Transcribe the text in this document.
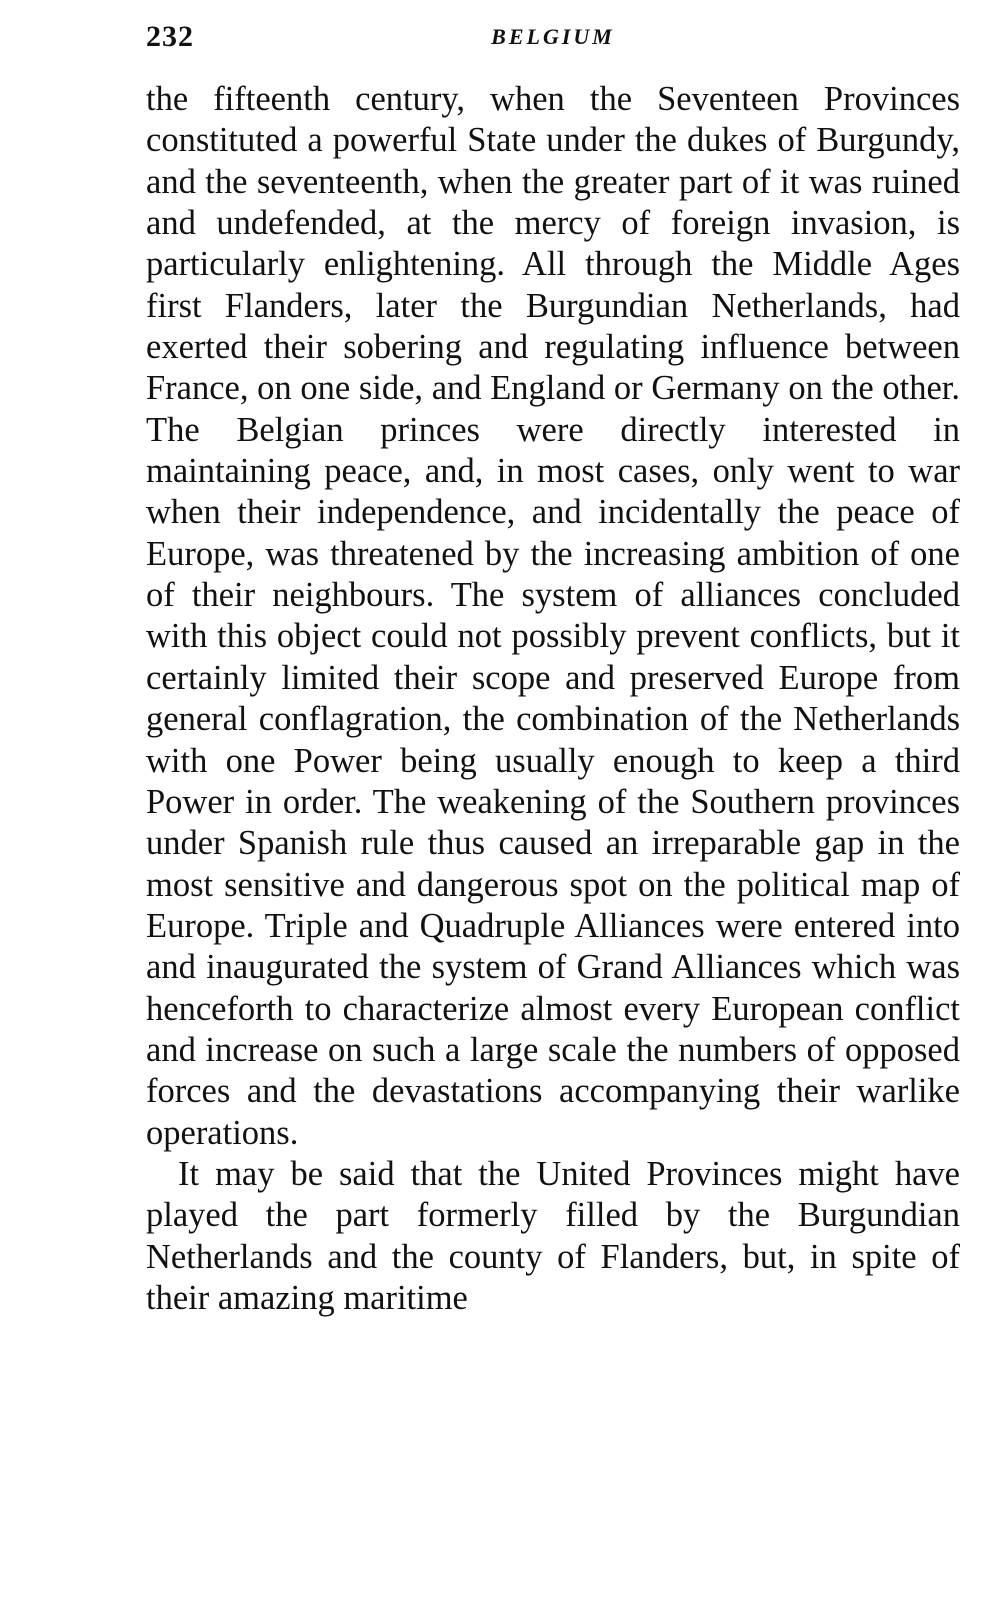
232	BELGIUM

the fifteenth century, when the Seventeen Provinces constituted a powerful State under the dukes of Burgundy, and the seventeenth, when the greater part of it was ruined and undefended, at the mercy of foreign invasion, is particularly enlightening. All through the Middle Ages first Flanders, later the Burgundian Netherlands, had exerted their sobering and regulating influence between France, on one side, and England or Germany on the other. The Belgian princes were directly interested in maintaining peace, and, in most cases, only went to war when their independence, and incidentally the peace of Europe, was threatened by the increasing ambition of one of their neighbours. The system of alliances concluded with this object could not possibly prevent conflicts, but it certainly limited their scope and preserved Europe from general conflagration, the combination of the Netherlands with one Power being usually enough to keep a third Power in order. The weakening of the Southern provinces under Spanish rule thus caused an irreparable gap in the most sensitive and dangerous spot on the political map of Europe. Triple and Quadruple Alliances were entered into and inaugurated the system of Grand Alliances which was henceforth to characterize almost every European conflict and increase on such a large scale the numbers of opposed forces and the devastations accompanying their warlike operations.

It may be said that the United Provinces might have played the part formerly filled by the Burgundian Netherlands and the county of Flanders, but, in spite of their amazing maritime
